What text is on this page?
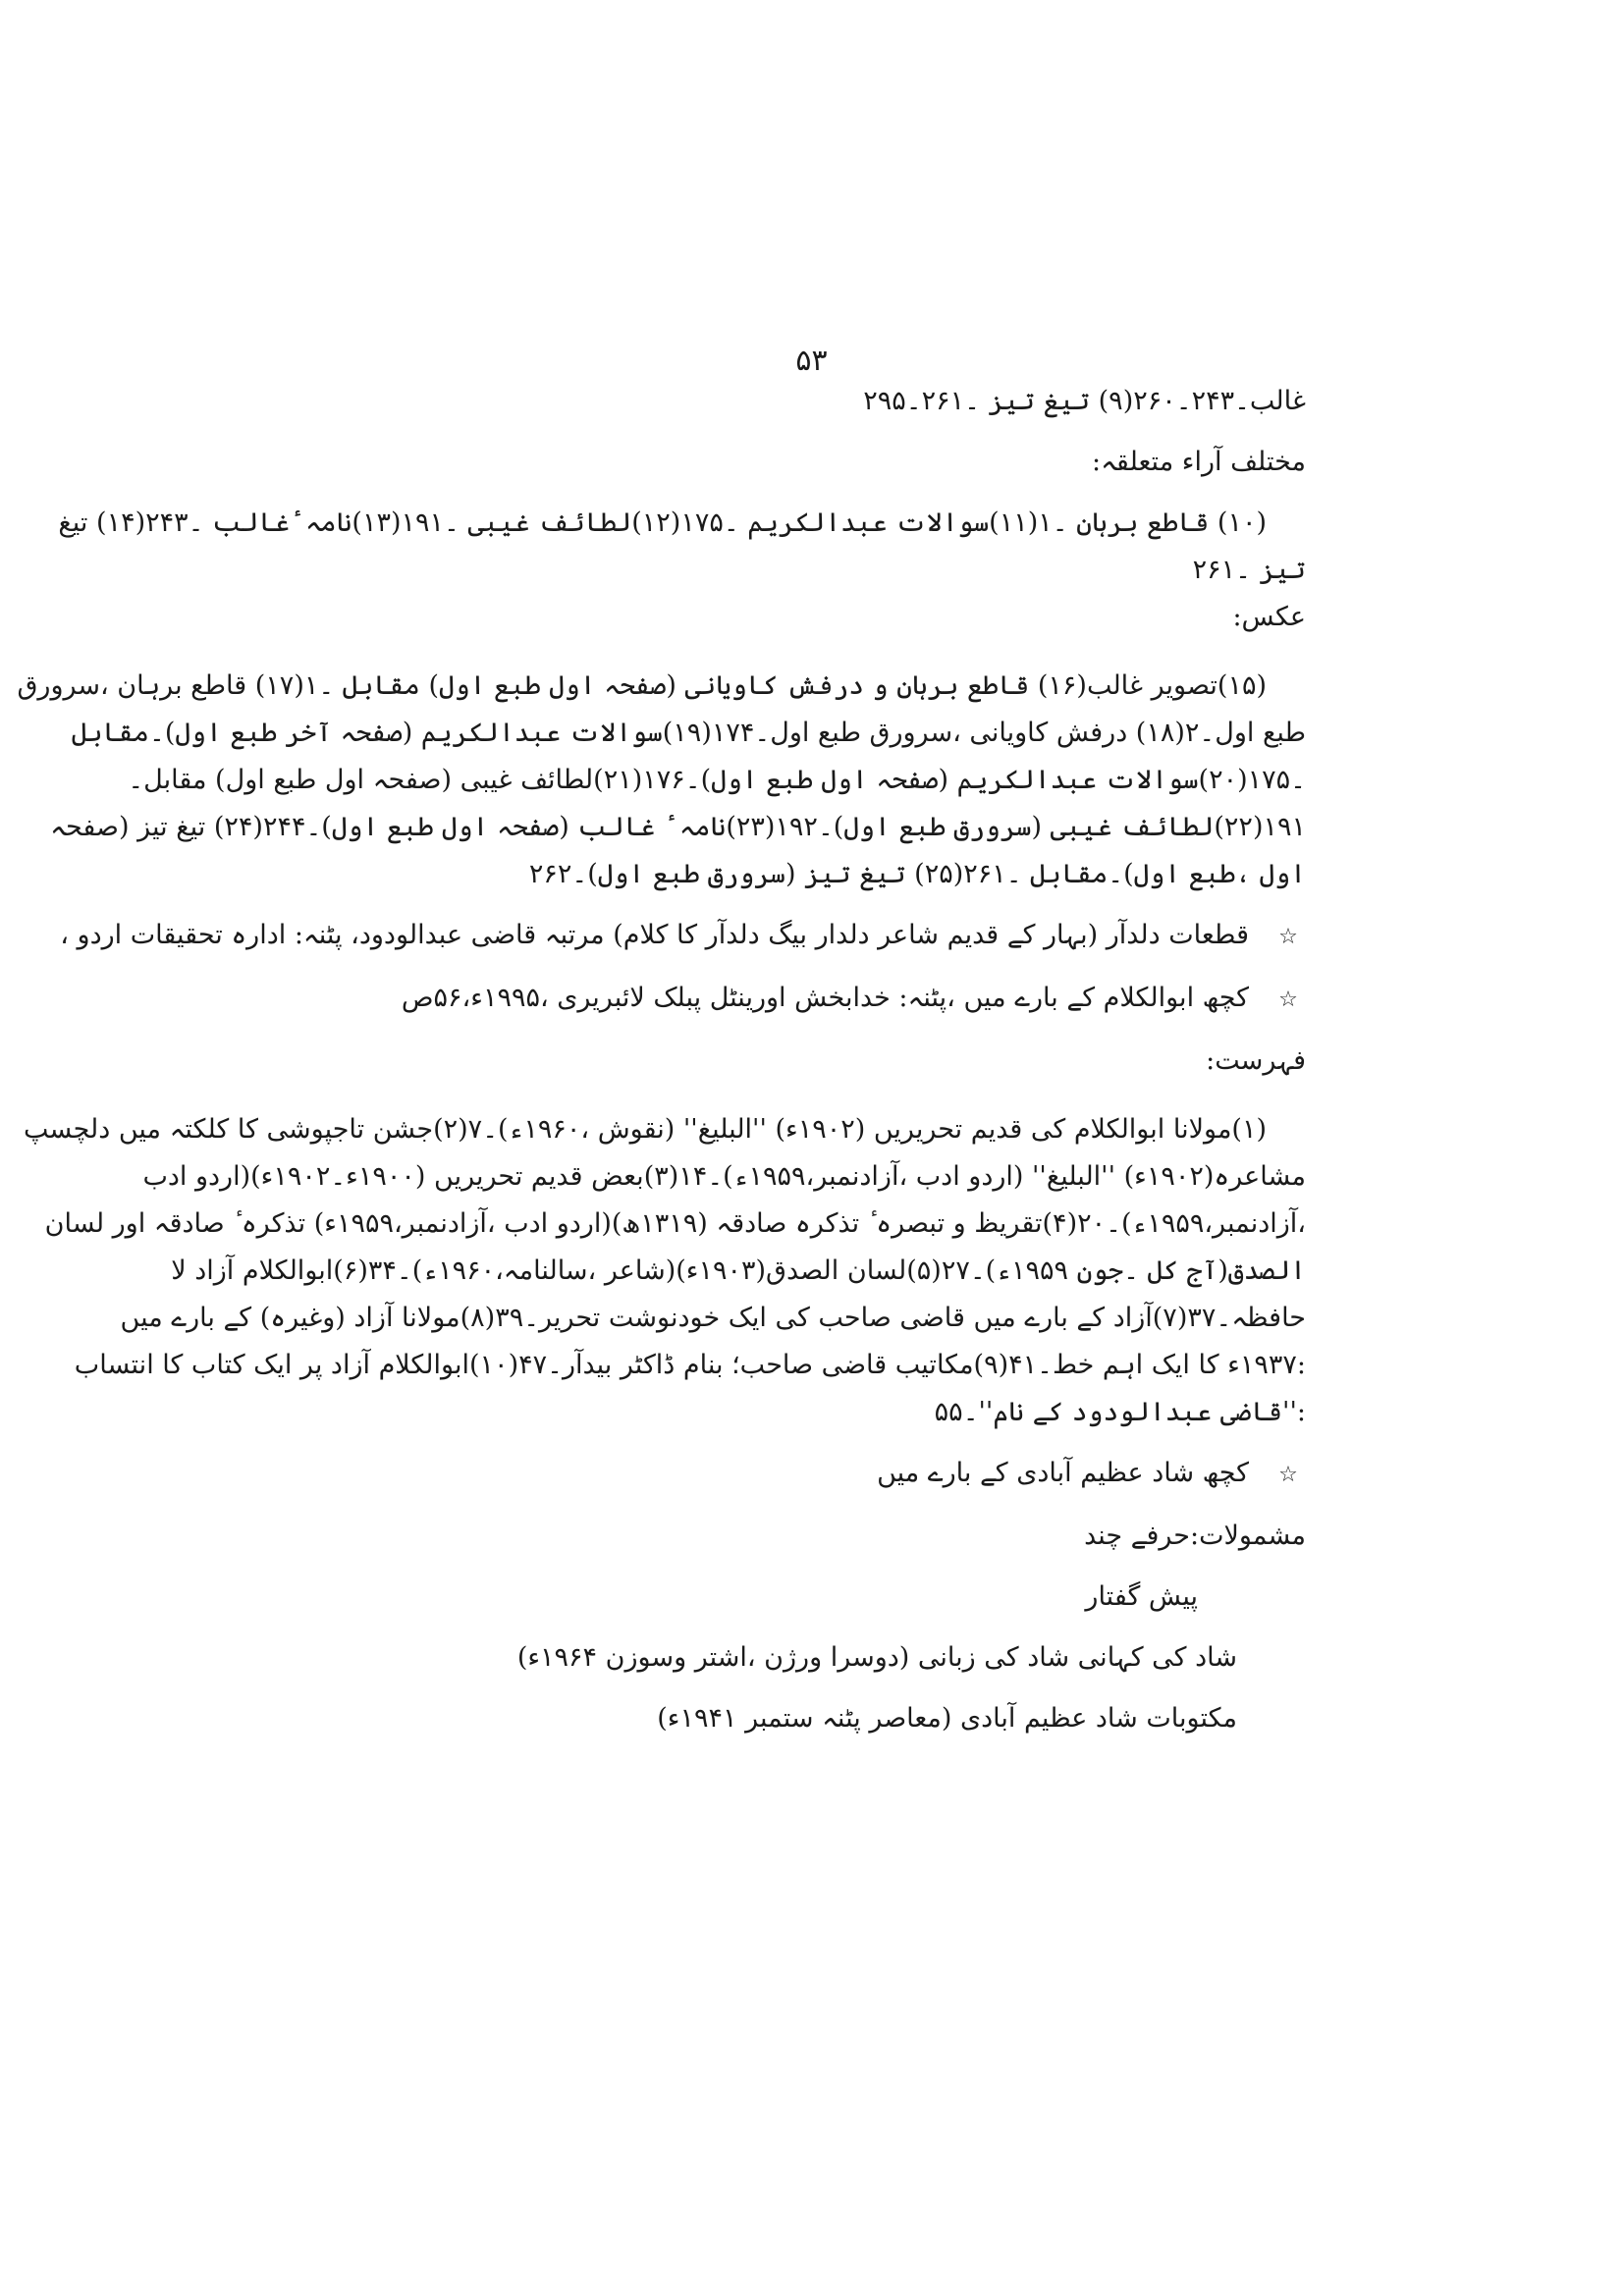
۵۳
غالب۔۲۴۳۔۲۶۰(۹) تیغ تیز ۔۲۶۱۔۲۹۵
مختلف آراء متعلقہ:
(۱۰) قاطع برہان ۔۱(۱۱)سوالات عبدالکریم ۔۱۷۵(۱۲)لطائف غیبی ۔۱۹۱(۱۳)نامہ ٔغالب ۔۲۴۳(۱۴) تیغ
تیز ۔۲۶۱
عکس:
(۱۵)تصویر غالب(۱۶) قاطع برہان و درفش کاویانی (صفحہ اول طبع اول) مقابل ۔۱(۱۷) قاطع برہان ،سرورق
طبع اول۔۲(۱۸) درفش کاویانی ،سرورق طبع اول۔۱۷۴(۱۹)سوالات عبدالکریم (صفحہ آخر طبع اول)۔مقابل
۔۱۷۵(۲۰)سوالات عبدالکریم (صفحہ اول طبع اول)۔۱۷۶(۲۱)لطائف غیبی (صفحہ اول طبع اول) مقابل۔
۱۹۱(۲۲)لطائف غیبی (سرورق طبع اول)۔۱۹۲(۲۳)نامہ ٔ غالب (صفحہ اول طبع اول)۔۲۴۴(۲۴) تیغ تیز (صفحہ
اول ،طبع اول)۔مقابل ۔۲۶۱(۲۵) تیغ تیز (سرورق طبع اول)۔۲۶۲
☆قطعات دلدآر (بہار کے قدیم شاعر دلدار بیگ دلدآر کا کلام) مرتبہ قاضی عبدالودود، پٹنہ: ادارہ تحقیقات اردو ،
☆کچھ ابوالکلام کے بارے میں ،پٹنہ: خدابخش اورینٹل پبلک لائبریری ،۱۹۹۵ء،۵۶ص
فہرست:
(۱)مولانا ابوالکلام کی قدیم تحریریں (۱۹۰۲ء) ''البلیغ'' (نقوش ،۱۹۶۰ء)۔۷(۲)جشن تاجپوشی کا کلکتہ میں دلچسپ
مشاعرہ(۱۹۰۲ء) ''البلیغ'' (اردو ادب ،آزادنمبر،۱۹۵۹ء)۔۱۴(۳)بعض قدیم تحریریں (۱۹۰۰ء۔۱۹۰۲ء)(اردو ادب
،آزادنمبر،۱۹۵۹ء)۔۲۰(۴)تقریظ و تبصرہ ٔ تذکرہ صادقہ (۱۳۱۹ھ)(اردو ادب ،آزادنمبر،۱۹۵۹ء) تذکرہ ٔ صادقہ اور لسان
الصدق(آج کل ۔جون ۱۹۵۹ء)۔۲۷(۵)لسان الصدق(۱۹۰۳ء)(شاعر ،سالنامہ،۱۹۶۰ء)۔۳۴(۶)ابوالکلام آزاد لا
حافظہ۔۳۷(۷)آزاد کے بارے میں قاضی صاحب کی ایک خودنوشت تحریر۔۳۹(۸)مولانا آزاد (وغیرہ) کے بارے میں
:۱۹۳۷ء کا ایک اہم خط۔۴۱(۹)مکاتیب قاضی صاحب؛ بنام ڈاکٹر بیدآر۔۴۷(۱۰)ابوالکلام آزاد پر ایک کتاب کا انتساب
:''قاضی عبدالودود کے نام''۔۵۵
☆کچھ شاد عظیم آبادی کے بارے میں
مشمولات:حرفے چند
پیش گفتار
شاد کی کہانی شاد کی زبانی (دوسرا ورژن ،اشتر وسوزن ۱۹۶۴ء)
مکتوبات شاد عظیم آبادی (معاصر پٹنہ ستمبر ۱۹۴۱ء)
